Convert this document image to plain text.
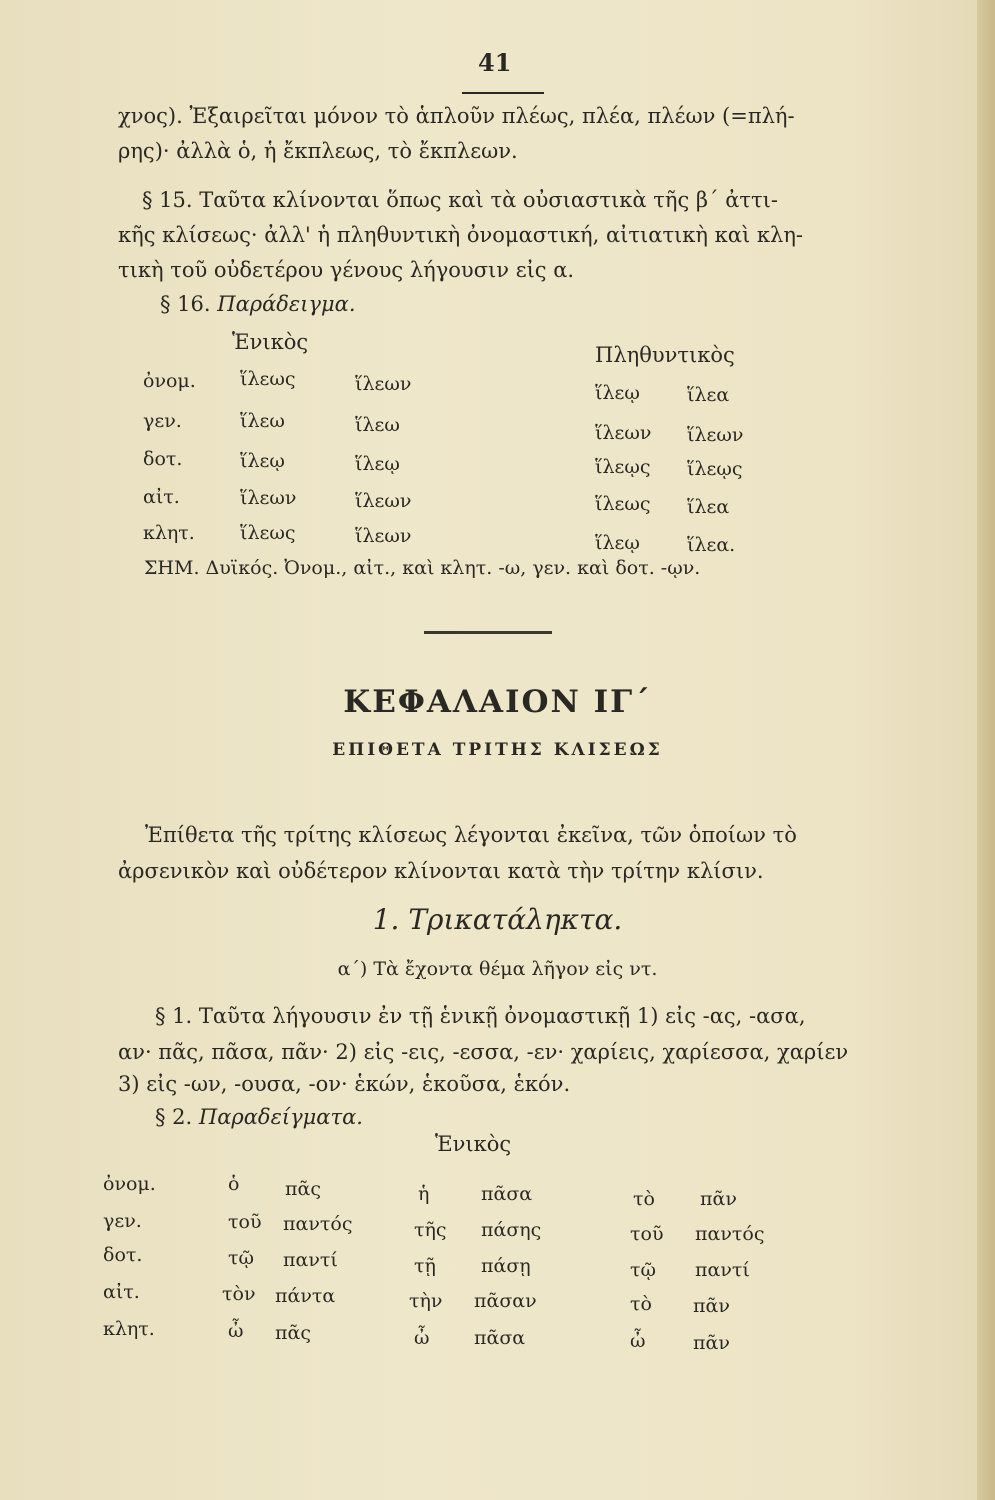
41
χνος). Ἐξαιρεῖται μόνον τὸ ἁπλοῦν πλέως, πλέα, πλέων (=πλή-
ρης)· ἀλλὰ ὁ, ἡ ἔκπλεως, τὸ ἔκπλεων.
§ 15. Ταῦτα κλίνονται ὅπως καὶ τὰ οὐσιαστικὰ τῆς β΄ ἀττι-
κῆς κλίσεως· ἀλλ' ἡ πληθυντικὴ ὀνομαστική, αἰτιατικὴ καὶ κλη-
τικὴ τοῦ οὐδετέρου γένους λήγουσιν εἰς α.
§ 16. Παράδειγμα.
Ἑνικὸς
Πληθυντικὸς
ὀνομ. ἵλεως	ἵλεων	ἵλεῳ ἵλεα
γεν.	ἵλεω	ἵλεω	ἵλεων ἵλεων
δοτ.	ἵλεῳ	ἵλεῳ	ἵλεῳς ἵλεῳς
αἰτ.	ἵλεων	ἵλεων	ἵλεως ἵλεα
κλητ. ἵλεως	ἵλεων	ἵλεῳ ἵλεα.
ΣΗΜ. Δυϊκός. Ὀνομ., αἰτ., καὶ κλητ. -ω, γεν. καὶ δοτ. -ῳν.
ΚΕΦΑΛΑΙΟΝ ΙΓ΄
ΕΠΙΘΕΤΑ ΤΡΙΤΗΣ ΚΛΙΣΕΩΣ
Ἐπίθετα τῆς τρίτης κλίσεως λέγονται ἐκεῖνα, τῶν ὁποίων τὸ
ἀρσενικὸν καὶ οὐδέτερον κλίνονται κατὰ τὴν τρίτην κλίσιν.
1. Τρικατάληκτα.
α΄) Τὰ ἔχοντα θέμα λῆγον εἰς ντ.
§ 1. Ταῦτα λήγουσιν ἐν τῇ ἑνικῇ ὀνομαστικῇ 1) εἰς -ας, -ασα,
αν· πᾶς, πᾶσα, πᾶν· 2) εἰς -εις, -εσσα, -εν· χαρίεις, χαρίεσσα, χαρίεν
3) εἰς -ων, -ουσα, -ον· ἑκών, ἑκοῦσα, ἑκόν.
§ 2. Παραδείγματα.
Ἑνικὸς
ὀνομ.	ὁ πᾶς	ἡ	πᾶσα	τὸ πᾶν
γεν.	τοῦ παντός	τῆς πάσης	τοῦ παντός
δοτ.	τῷ παντί	τῇ πάσῃ	τῷ παντί
αἰτ.	τὸν πάντα	τὴν πᾶσαν	τὸ πᾶν
κλητ.	ὦ πᾶς	ὦ πᾶσα	ὦ	πᾶν
